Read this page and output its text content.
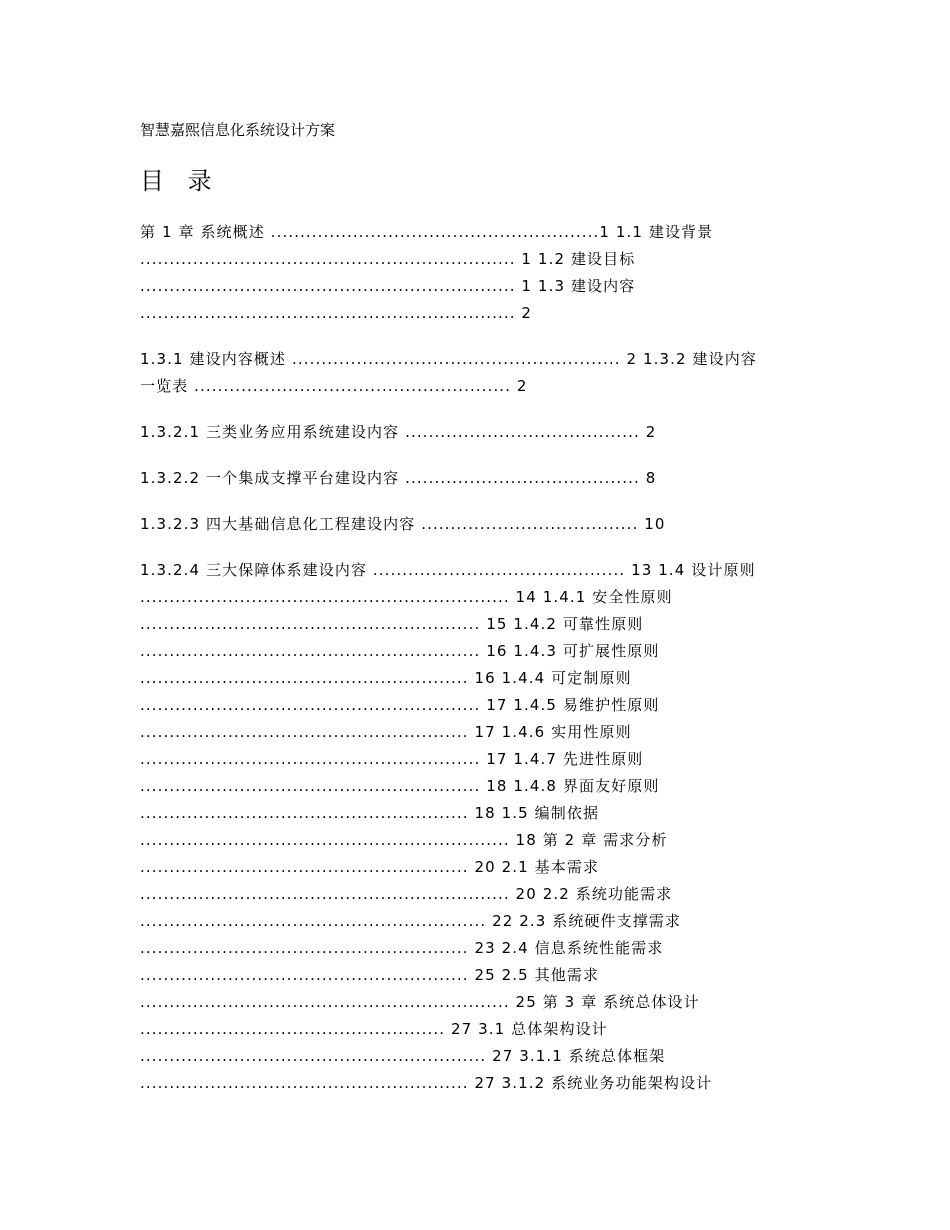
智慧嘉熙信息化系统设计方案
目 录
第 1 章 系统概述 ........................................................1 1.1 建设背景
................................................................ 1 1.2 建设目标
................................................................ 1 1.3 建设内容
................................................................ 2
1.3.1 建设内容概述 ........................................................ 2 1.3.2 建设内容
一览表 ...................................................... 2
1.3.2.1 三类业务应用系统建设内容 ........................................ 2
1.3.2.2 一个集成支撑平台建设内容 ........................................ 8
1.3.2.3 四大基础信息化工程建设内容 ..................................... 10
1.3.2.4 三大保障体系建设内容 ........................................... 13 1.4 设计原则
............................................................... 14 1.4.1 安全性原则
.......................................................... 15 1.4.2 可靠性原则
.......................................................... 16 1.4.3 可扩展性原则
........................................................ 16 1.4.4 可定制原则
.......................................................... 17 1.4.5 易维护性原则
........................................................ 17 1.4.6 实用性原则
.......................................................... 17 1.4.7 先进性原则
.......................................................... 18 1.4.8 界面友好原则
........................................................ 18 1.5 编制依据
............................................................... 18 第 2 章 需求分析
........................................................ 20 2.1 基本需求
............................................................... 20 2.2 系统功能需求
........................................................... 22 2.3 系统硬件支撑需求
........................................................ 23 2.4 信息系统性能需求
........................................................ 25 2.5 其他需求
............................................................... 25 第 3 章 系统总体设计
.................................................... 27 3.1 总体架构设计
........................................................... 27 3.1.1 系统总体框架
........................................................ 27 3.1.2 系统业务功能架构设计
